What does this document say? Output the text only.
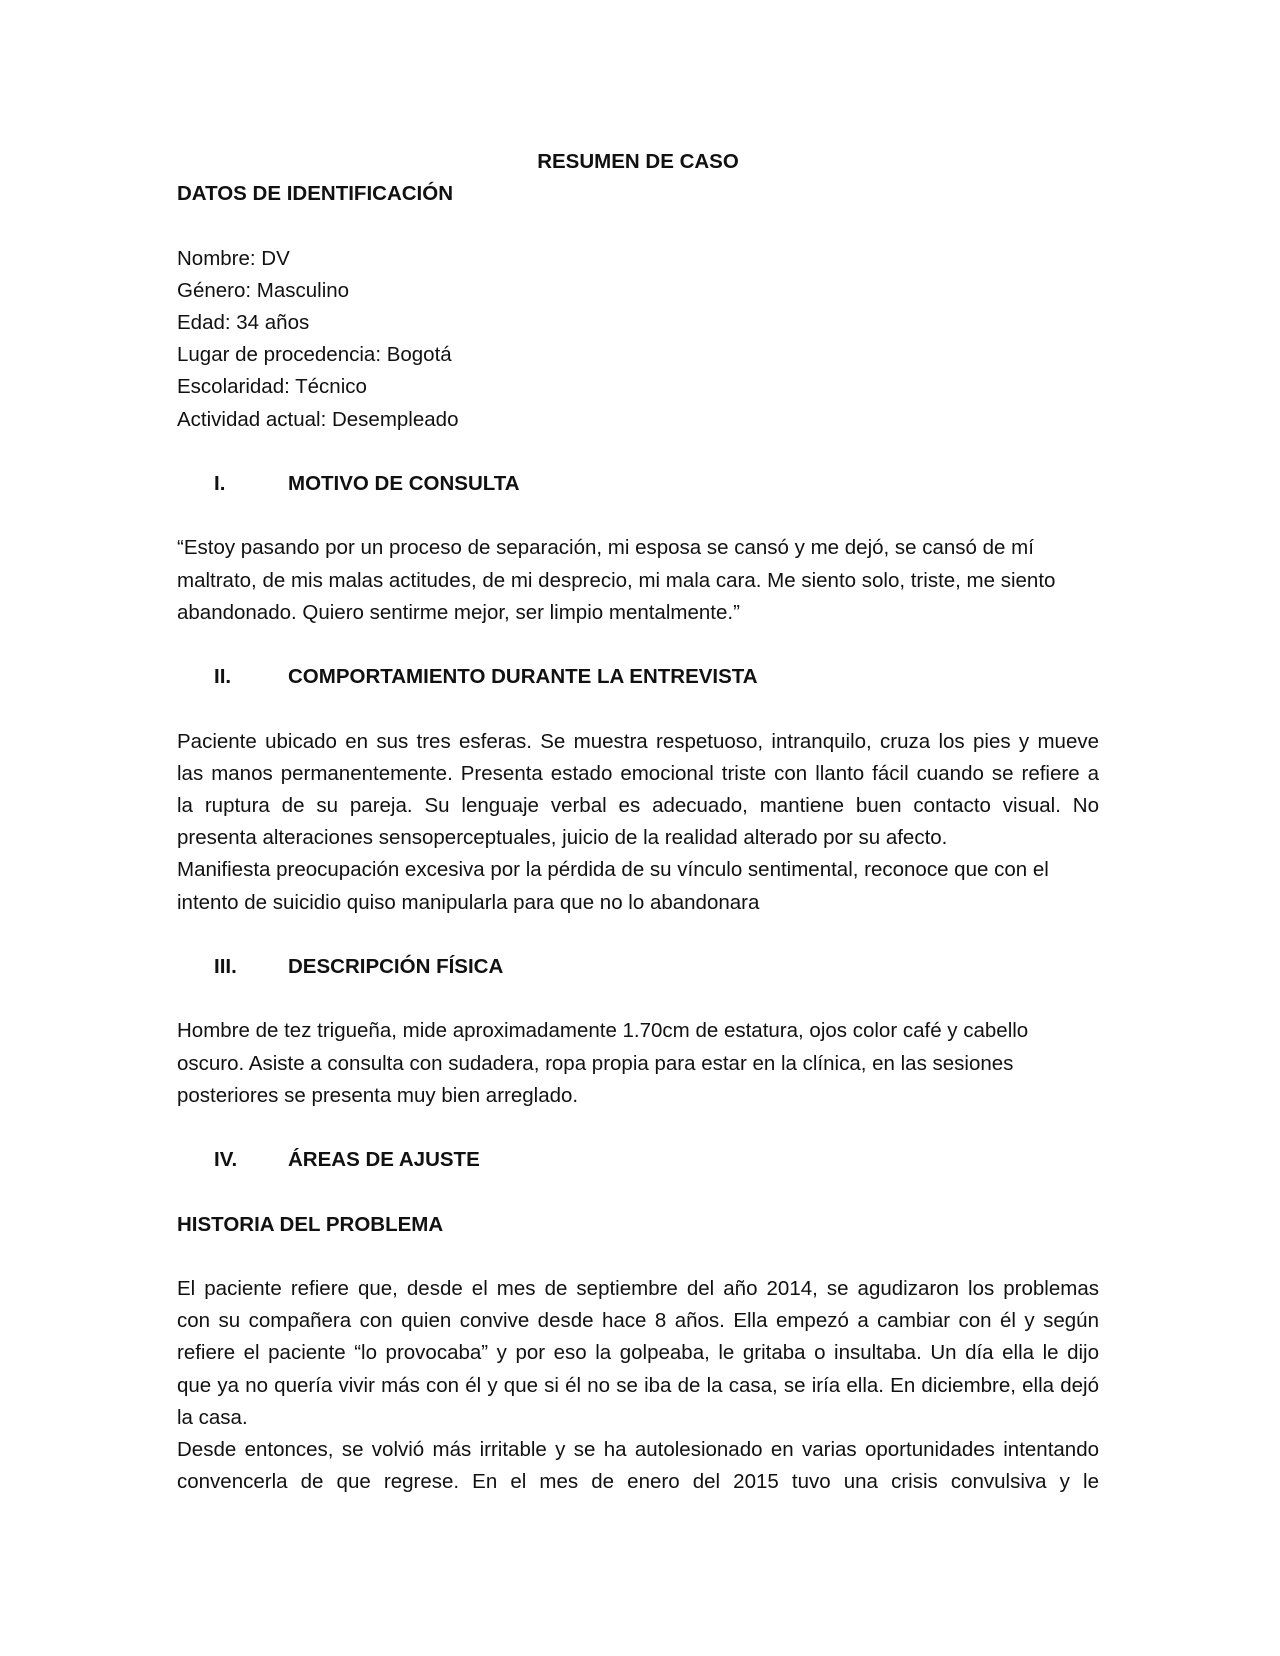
RESUMEN DE CASO

DATOS DE IDENTIFICACIÓN

Nombre: DV

Género: Masculino

Edad: 34 años

Lugar de procedencia: Bogotá

Escolaridad: Técnico

Actividad actual: Desempleado

I.	MOTIVO DE CONSULTA

“Estoy pasando por un proceso de separación, mi esposa se cansó y me dejó, se cansó de mí

maltrato, de mis malas actitudes, de mi desprecio, mi mala cara. Me siento solo, triste, me siento

abandonado. Quiero sentirme mejor, ser limpio mentalmente.”

II.	COMPORTAMIENTO DURANTE LA ENTREVISTA

Paciente ubicado en sus tres esferas. Se muestra respetuoso, intranquilo, cruza los pies y mueve

las manos permanentemente. Presenta estado emocional triste con llanto fácil cuando se refiere a

la ruptura de su pareja. Su lenguaje verbal es adecuado, mantiene buen contacto visual. No

presenta alteraciones sensoperceptuales, juicio de la realidad alterado por su afecto.

Manifiesta preocupación excesiva por la pérdida de su vínculo sentimental, reconoce que con el

intento de suicidio quiso manipularla para que no lo abandonara

III.	DESCRIPCIÓN FÍSICA

Hombre de tez trigueña, mide aproximadamente 1.70cm de estatura, ojos color café y cabello

oscuro. Asiste a consulta con sudadera, ropa propia para estar en la clínica, en las sesiones

posteriores se presenta muy bien arreglado.

IV.	ÁREAS DE AJUSTE

HISTORIA DEL PROBLEMA

El paciente refiere que, desde el mes de septiembre del año 2014, se agudizaron los problemas

con su compañera con quien convive desde hace 8 años. Ella empezó a cambiar con él y según

refiere el paciente “lo provocaba” y por eso la golpeaba, le gritaba o insultaba. Un día ella le dijo

que ya no quería vivir más con él y que si él no se iba de la casa, se iría ella. En diciembre, ella dejó

la casa.

Desde entonces, se volvió más irritable y se ha autolesionado en varias oportunidades intentando

convencerla de que regrese. En el mes de enero del 2015 tuvo una crisis convulsiva y le
